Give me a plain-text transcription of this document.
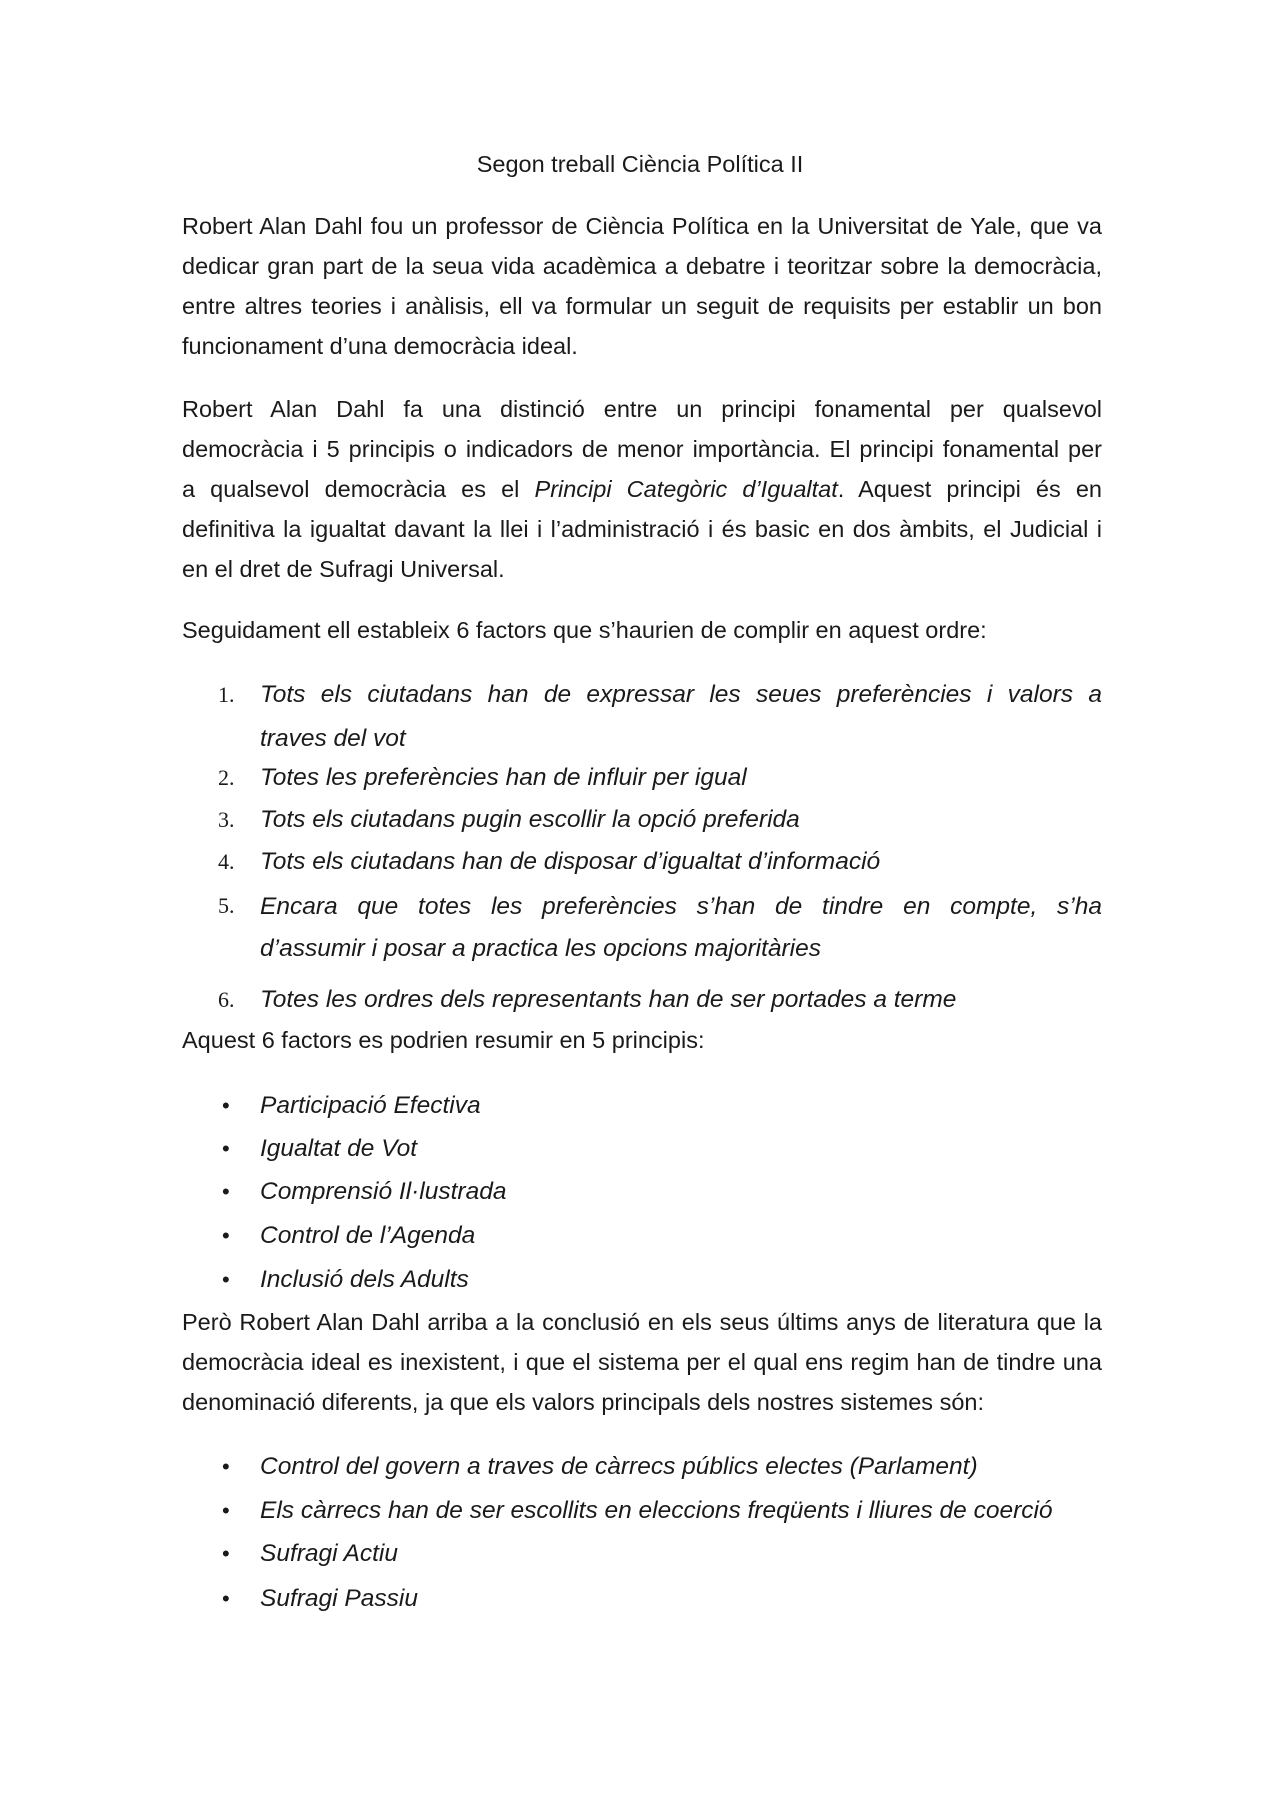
Segon treball Ciència Política II
Robert Alan Dahl fou un professor de Ciència Política en la Universitat de Yale, que va
dedicar gran part de la seua vida acadèmica a debatre i teoritzar sobre la democràcia,
entre altres teories i anàlisis, ell va formular un seguit de requisits per establir un bon
funcionament d’una democràcia ideal.
Robert Alan Dahl fa una distinció entre un principi fonamental per qualsevol
democràcia i 5 principis o indicadors de menor importància. El principi fonamental per
a qualsevol democràcia es el Principi Categòric d’Igualtat. Aquest principi és en
definitiva la igualtat davant la llei i l’administració i és basic en dos àmbits, el Judicial i
en el dret de Sufragi Universal.
Seguidament ell estableix 6 factors que s’haurien de complir en aquest ordre:
1. Tots els ciutadans han de expressar les seues preferències i valors a
traves del vot
2. Totes les preferències han de influir per igual
3. Tots els ciutadans pugin escollir la opció preferida
4. Tots els ciutadans han de disposar d’igualtat d’informació
5. Encara que totes les preferències s’han de tindre en compte, s’ha
d’assumir i posar a practica les opcions majoritàries
6. Totes les ordres dels representants han de ser portades a terme
Aquest 6 factors es podrien resumir en 5 principis:
• Participació Efectiva
• Igualtat de Vot
• Comprensió Il·lustrada
• Control de l’Agenda
• Inclusió dels Adults
Però Robert Alan Dahl arriba a la conclusió en els seus últims anys de literatura que la
democràcia ideal es inexistent, i que el sistema per el qual ens regim han de tindre una
denominació diferents, ja que els valors principals dels nostres sistemes són:
• Control del govern a traves de càrrecs públics electes (Parlament)
• Els càrrecs han de ser escollits en eleccions freqüents i lliures de coerció
• Sufragi Actiu
• Sufragi Passiu
